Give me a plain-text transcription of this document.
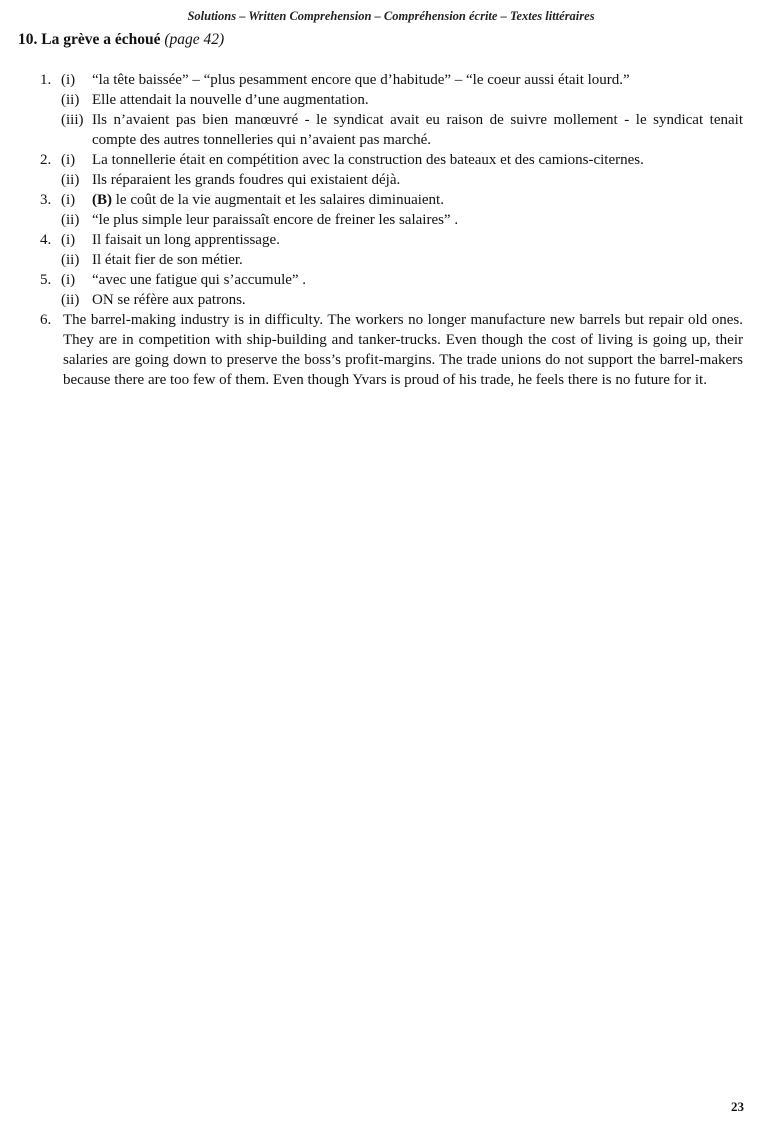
Solutions – Written Comprehension – Compréhension écrite – Textes littéraires
10. La grève a échoué (page 42)
1. (i) “la tête baissée” – “plus pesamment encore que d’habitude” – “le coeur aussi était lourd.”
(ii) Elle attendait la nouvelle d’une augmentation.
(iii) Ils n’avaient pas bien manœuvré - le syndicat avait eu raison de suivre mollement - le syndicat tenait compte des autres tonnelleries qui n’avaient pas marché.
2. (i) La tonnellerie était en compétition avec la construction des bateaux et des camions-citernes.
(ii) Ils réparaient les grands foudres qui existaient déjà.
3. (i) (B) le coût de la vie augmentait et les salaires diminuaient.
(ii) “le plus simple leur paraissaît encore de freiner les salaires” .
4. (i) Il faisait un long apprentissage.
(ii) Il était fier de son métier.
5. (i) “avec une fatigue qui s’accumule” .
(ii) ON se réfère aux patrons.
6. The barrel-making industry is in difficulty. The workers no longer manufacture new barrels but repair old ones. They are in competition with ship-building and tanker-trucks. Even though the cost of living is going up, their salaries are going down to preserve the boss’s profit-margins. The trade unions do not support the barrel-makers because there are too few of them. Even though Yvars is proud of his trade, he feels there is no future for it.
23
